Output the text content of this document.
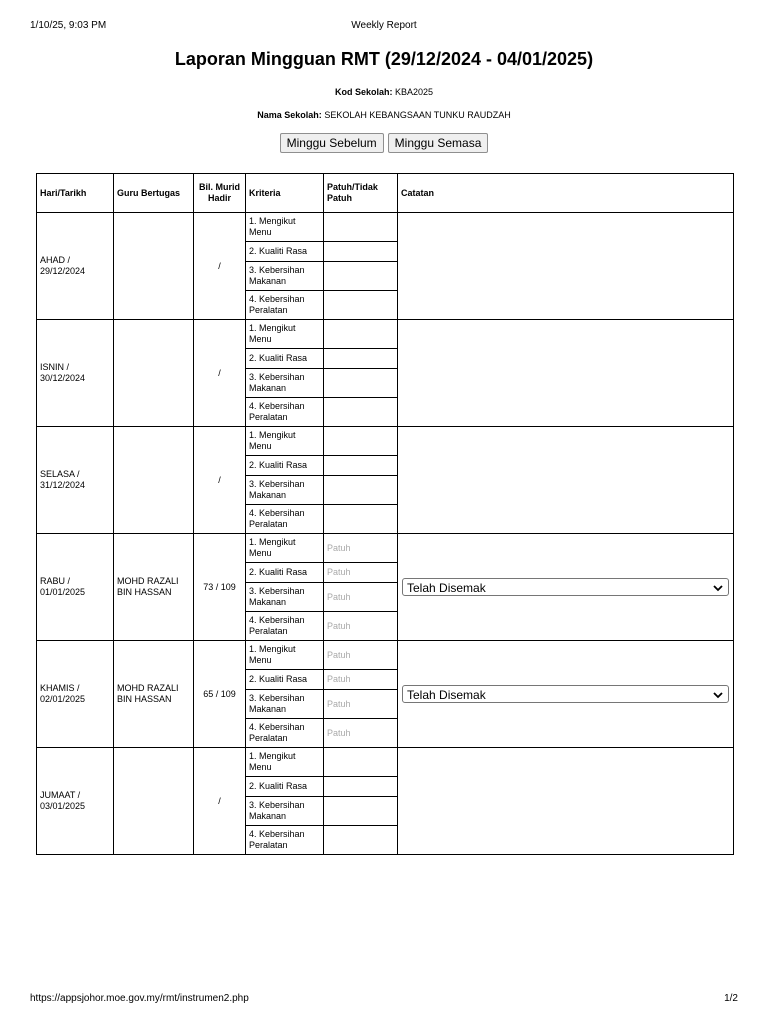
1/10/25, 9:03 PM	Weekly Report
Laporan Mingguan RMT (29/12/2024 - 04/01/2025)
Kod Sekolah: KBA2025
Nama Sekolah: SEKOLAH KEBANGSAAN TUNKU RAUDZAH
Minggu Sebelum Minggu Semasa
Hari/Tarikh	Guru Bertugas	Bil. Murid Hadir	Kriteria	Patuh/Tidak Patuh	Catatan
AHAD / 29/12/2024		/	1. Mengikut Menu		
			2. Kualiti Rasa		
			3. Kebersihan Makanan		
			4. Kebersihan Peralatan		
ISNIN / 30/12/2024		/	1. Mengikut Menu		
			2. Kualiti Rasa		
			3. Kebersihan Makanan		
			4. Kebersihan Peralatan		
SELASA / 31/12/2024		/	1. Mengikut Menu		
			2. Kualiti Rasa		
			3. Kebersihan Makanan		
			4. Kebersihan Peralatan		
RABU / 01/01/2025	MOHD RAZALI BIN HASSAN	73 / 109	1. Mengikut Menu	Patuh	Telah Disemak

			2. Kualiti Rasa	Patuh	
			3. Kebersihan Makanan	Patuh	
			4. Kebersihan Peralatan	Patuh	
KHAMIS / 02/01/2025	MOHD RAZALI BIN HASSAN	65 / 109	1. Mengikut Menu	Patuh	Telah Disemak

			2. Kualiti Rasa	Patuh	
			3. Kebersihan Makanan	Patuh	
			4. Kebersihan Peralatan	Patuh	
JUMAAT / 03/01/2025		/	1. Mengikut Menu		
			2. Kualiti Rasa		
			3. Kebersihan Makanan		
			4. Kebersihan Peralatan		
https://appsjohor.moe.gov.my/rmt/instrumen2.php	1/2
